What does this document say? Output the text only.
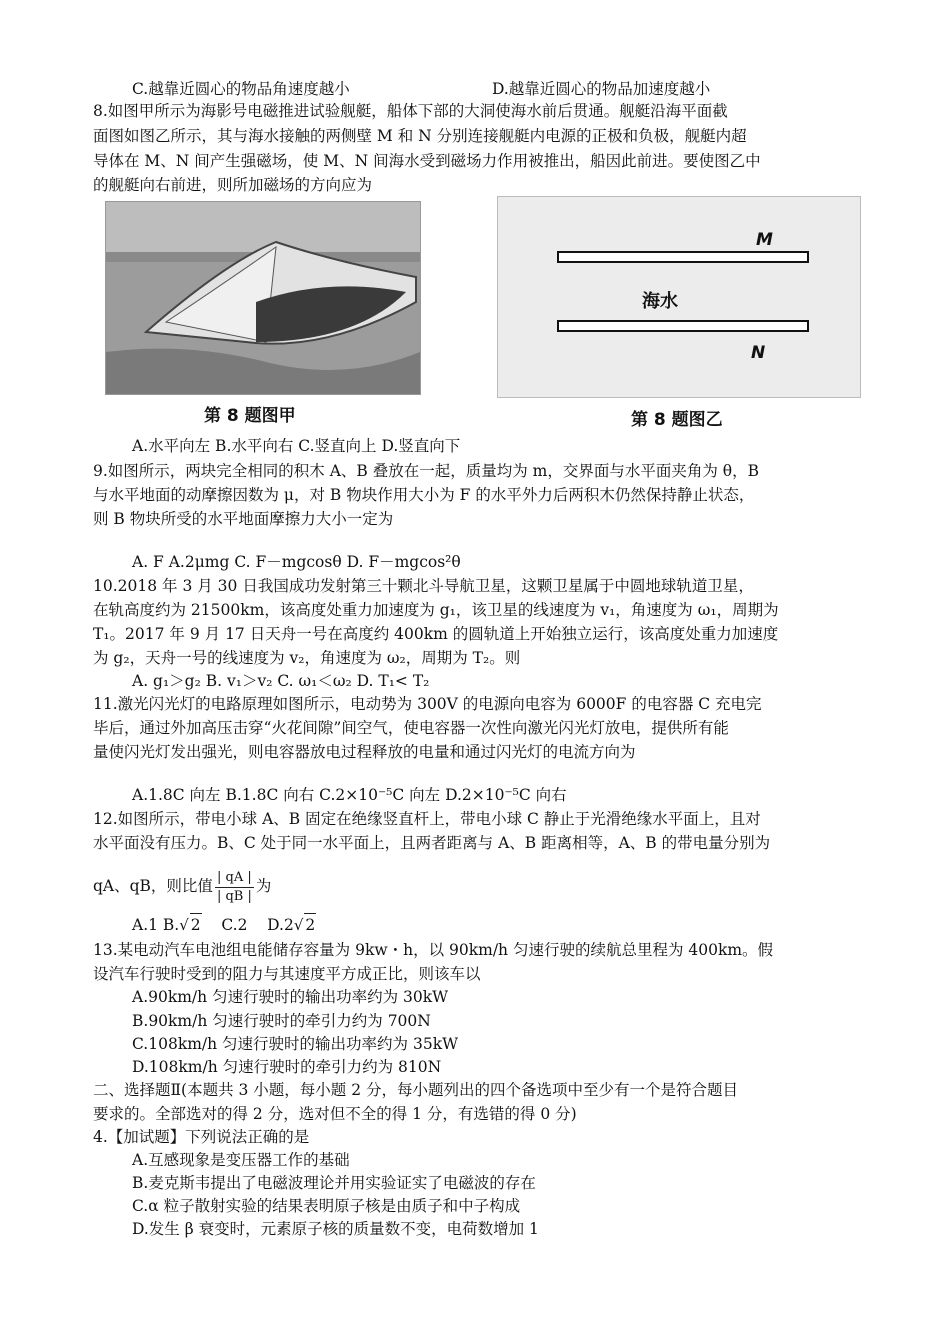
C.越靠近圆心的物品角速度越小	D.越靠近圆心的物品加速度越小
8.如图甲所示为海影号电磁推进试验舰艇，船体下部的大洞使海水前后贯通。舰艇沿海平面截
面图如图乙所示，其与海水接触的两侧壁 M 和 N 分别连接舰艇内电源的正极和负极，舰艇内超
导体在 M、N 间产生强磁场，使 M、N 间海水受到磁场力作用被推出，船因此前进。要使图乙中
的舰艇向右前进，则所加磁场的方向应为
第 8 题图甲
M
海水
N
第 8 题图乙
A.水平向左 B.水平向右 C.竖直向上 D.竖直向下
9.如图所示，两块完全相同的积木 A、B 叠放在一起，质量均为 m，交界面与水平面夹角为 θ，B
与水平地面的动摩擦因数为 μ，对 B 物块作用大小为 F 的水平外力后两积木仍然保持静止状态，
则 B 物块所受的水平地面摩擦力大小一定为
A. F A.2μmg C. F－mgcosθ D. F－mgcos²θ
10.2018 年 3 月 30 日我国成功发射第三十颗北斗导航卫星，这颗卫星属于中圆地球轨道卫星，
在轨高度约为 21500km，该高度处重力加速度为 g₁，该卫星的线速度为 v₁，角速度为 ω₁，周期为
T₁。2017 年 9 月 17 日天舟一号在高度约 400km 的圆轨道上开始独立运行，该高度处重力加速度
为 g₂，天舟一号的线速度为 v₂，角速度为 ω₂，周期为 T₂。则
A. g₁＞g₂ B. v₁＞v₂ C. ω₁＜ω₂ D. T₁< T₂
11.激光闪光灯的电路原理如图所示，电动势为 300V 的电源向电容为 6000F 的电容器 C 充电完
毕后，通过外加高压击穿“火花间隙”间空气，使电容器一次性向激光闪光灯放电，提供所有能
量使闪光灯发出强光，则电容器放电过程释放的电量和通过闪光灯的电流方向为
A.1.8C 向左 B.1.8C 向右 C.2×10⁻⁵C 向左 D.2×10⁻⁵C 向右
12.如图所示，带电小球 A、B 固定在绝缘竖直杆上，带电小球 C 静止于光滑绝缘水平面上，且对
水平面没有压力。B、C 处于同一水平面上，且两者距离与 A、B 距离相等，A、B 的带电量分别为
qA、qB，则比值 $\frac{| qA |}{| qB |}$ 为
A.1 B.√ 2    C.2    D.2√ 2
13.某电动汽车电池组电能储存容量为 9kw・h，以 90km/h 匀速行驶的续航总里程为 400km。假
设汽车行驶时受到的阻力与其速度平方成正比，则该车以
A.90km/h 匀速行驶时的输出功率约为 30kW
B.90km/h 匀速行驶时的牵引力约为 700N
C.108km/h 匀速行驶时的输出功率约为 35kW
D.108km/h 匀速行驶时的牵引力约为 810N
二、选择题Ⅱ(本题共 3 小题，每小题 2 分，每小题列出的四个备选项中至少有一个是符合题目
要求的。全部选对的得 2 分，选对但不全的得 1 分，有选错的得 0 分)
4.【加试题】下列说法正确的是
A.互感现象是变压器工作的基础
B.麦克斯韦提出了电磁波理论并用实验证实了电磁波的存在
C.α 粒子散射实验的结果表明原子核是由质子和中子构成
D.发生 β 衰变时，元素原子核的质量数不变，电荷数增加 1
